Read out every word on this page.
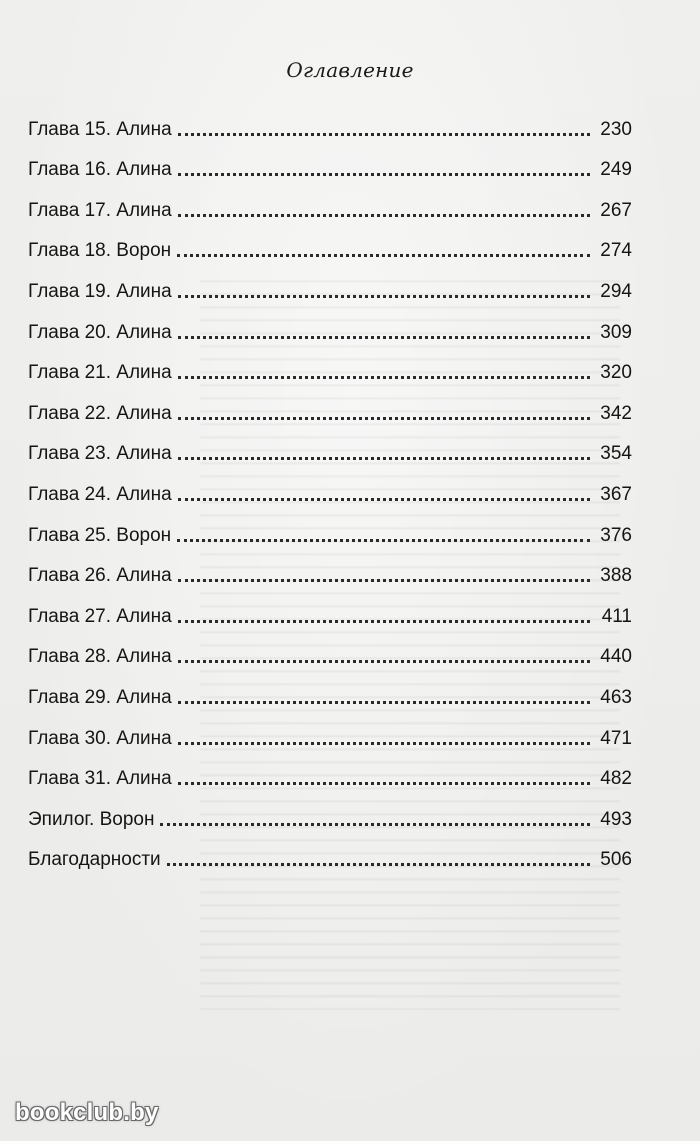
Оглавление
Глава 15. Алина	230
Глава 16. Алина	249
Глава 17. Алина	267
Глава 18. Ворон	274
Глава 19. Алина	294
Глава 20. Алина	309
Глава 21. Алина	320
Глава 22. Алина	342
Глава 23. Алина	354
Глава 24. Алина	367
Глава 25. Ворон	376
Глава 26. Алина	388
Глава 27. Алина	411
Глава 28. Алина	440
Глава 29. Алина	463
Глава 30. Алина	471
Глава 31. Алина	482
Эпилог. Ворон	493
Благодарности	506
bookclub.by
